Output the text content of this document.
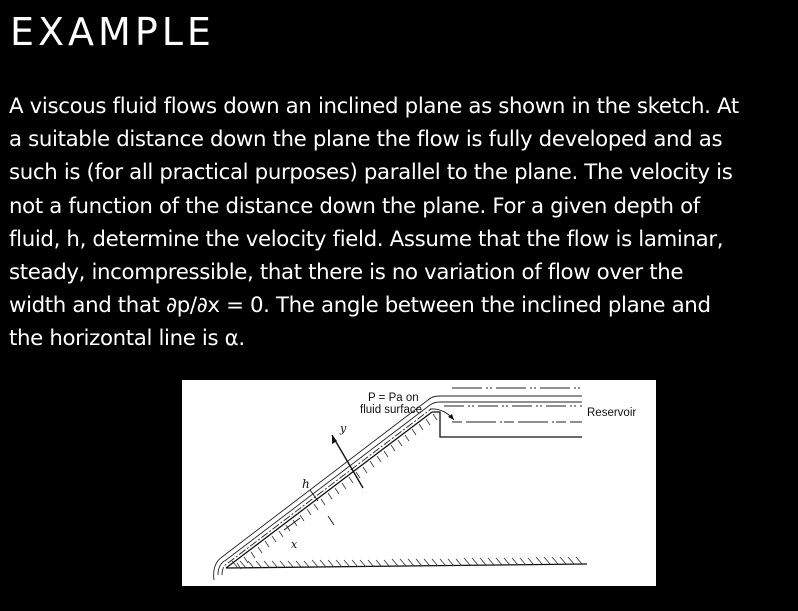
EXAMPLE
A viscous fluid flows down an inclined plane as shown in the sketch. At
a suitable distance down the plane the flow is fully developed and as
such is (for all practical purposes) parallel to the plane. The velocity is
not a function of the distance down the plane. For a given depth of
fluid, h, determine the velocity field. Assume that the flow is laminar,
steady, incompressible, that there is no variation of flow over the
width and that ∂p/∂x = 0. The angle between the inclined plane and
the horizontal line is α.
y
x
h
P = Pa on
fluid surface	Reservoir
